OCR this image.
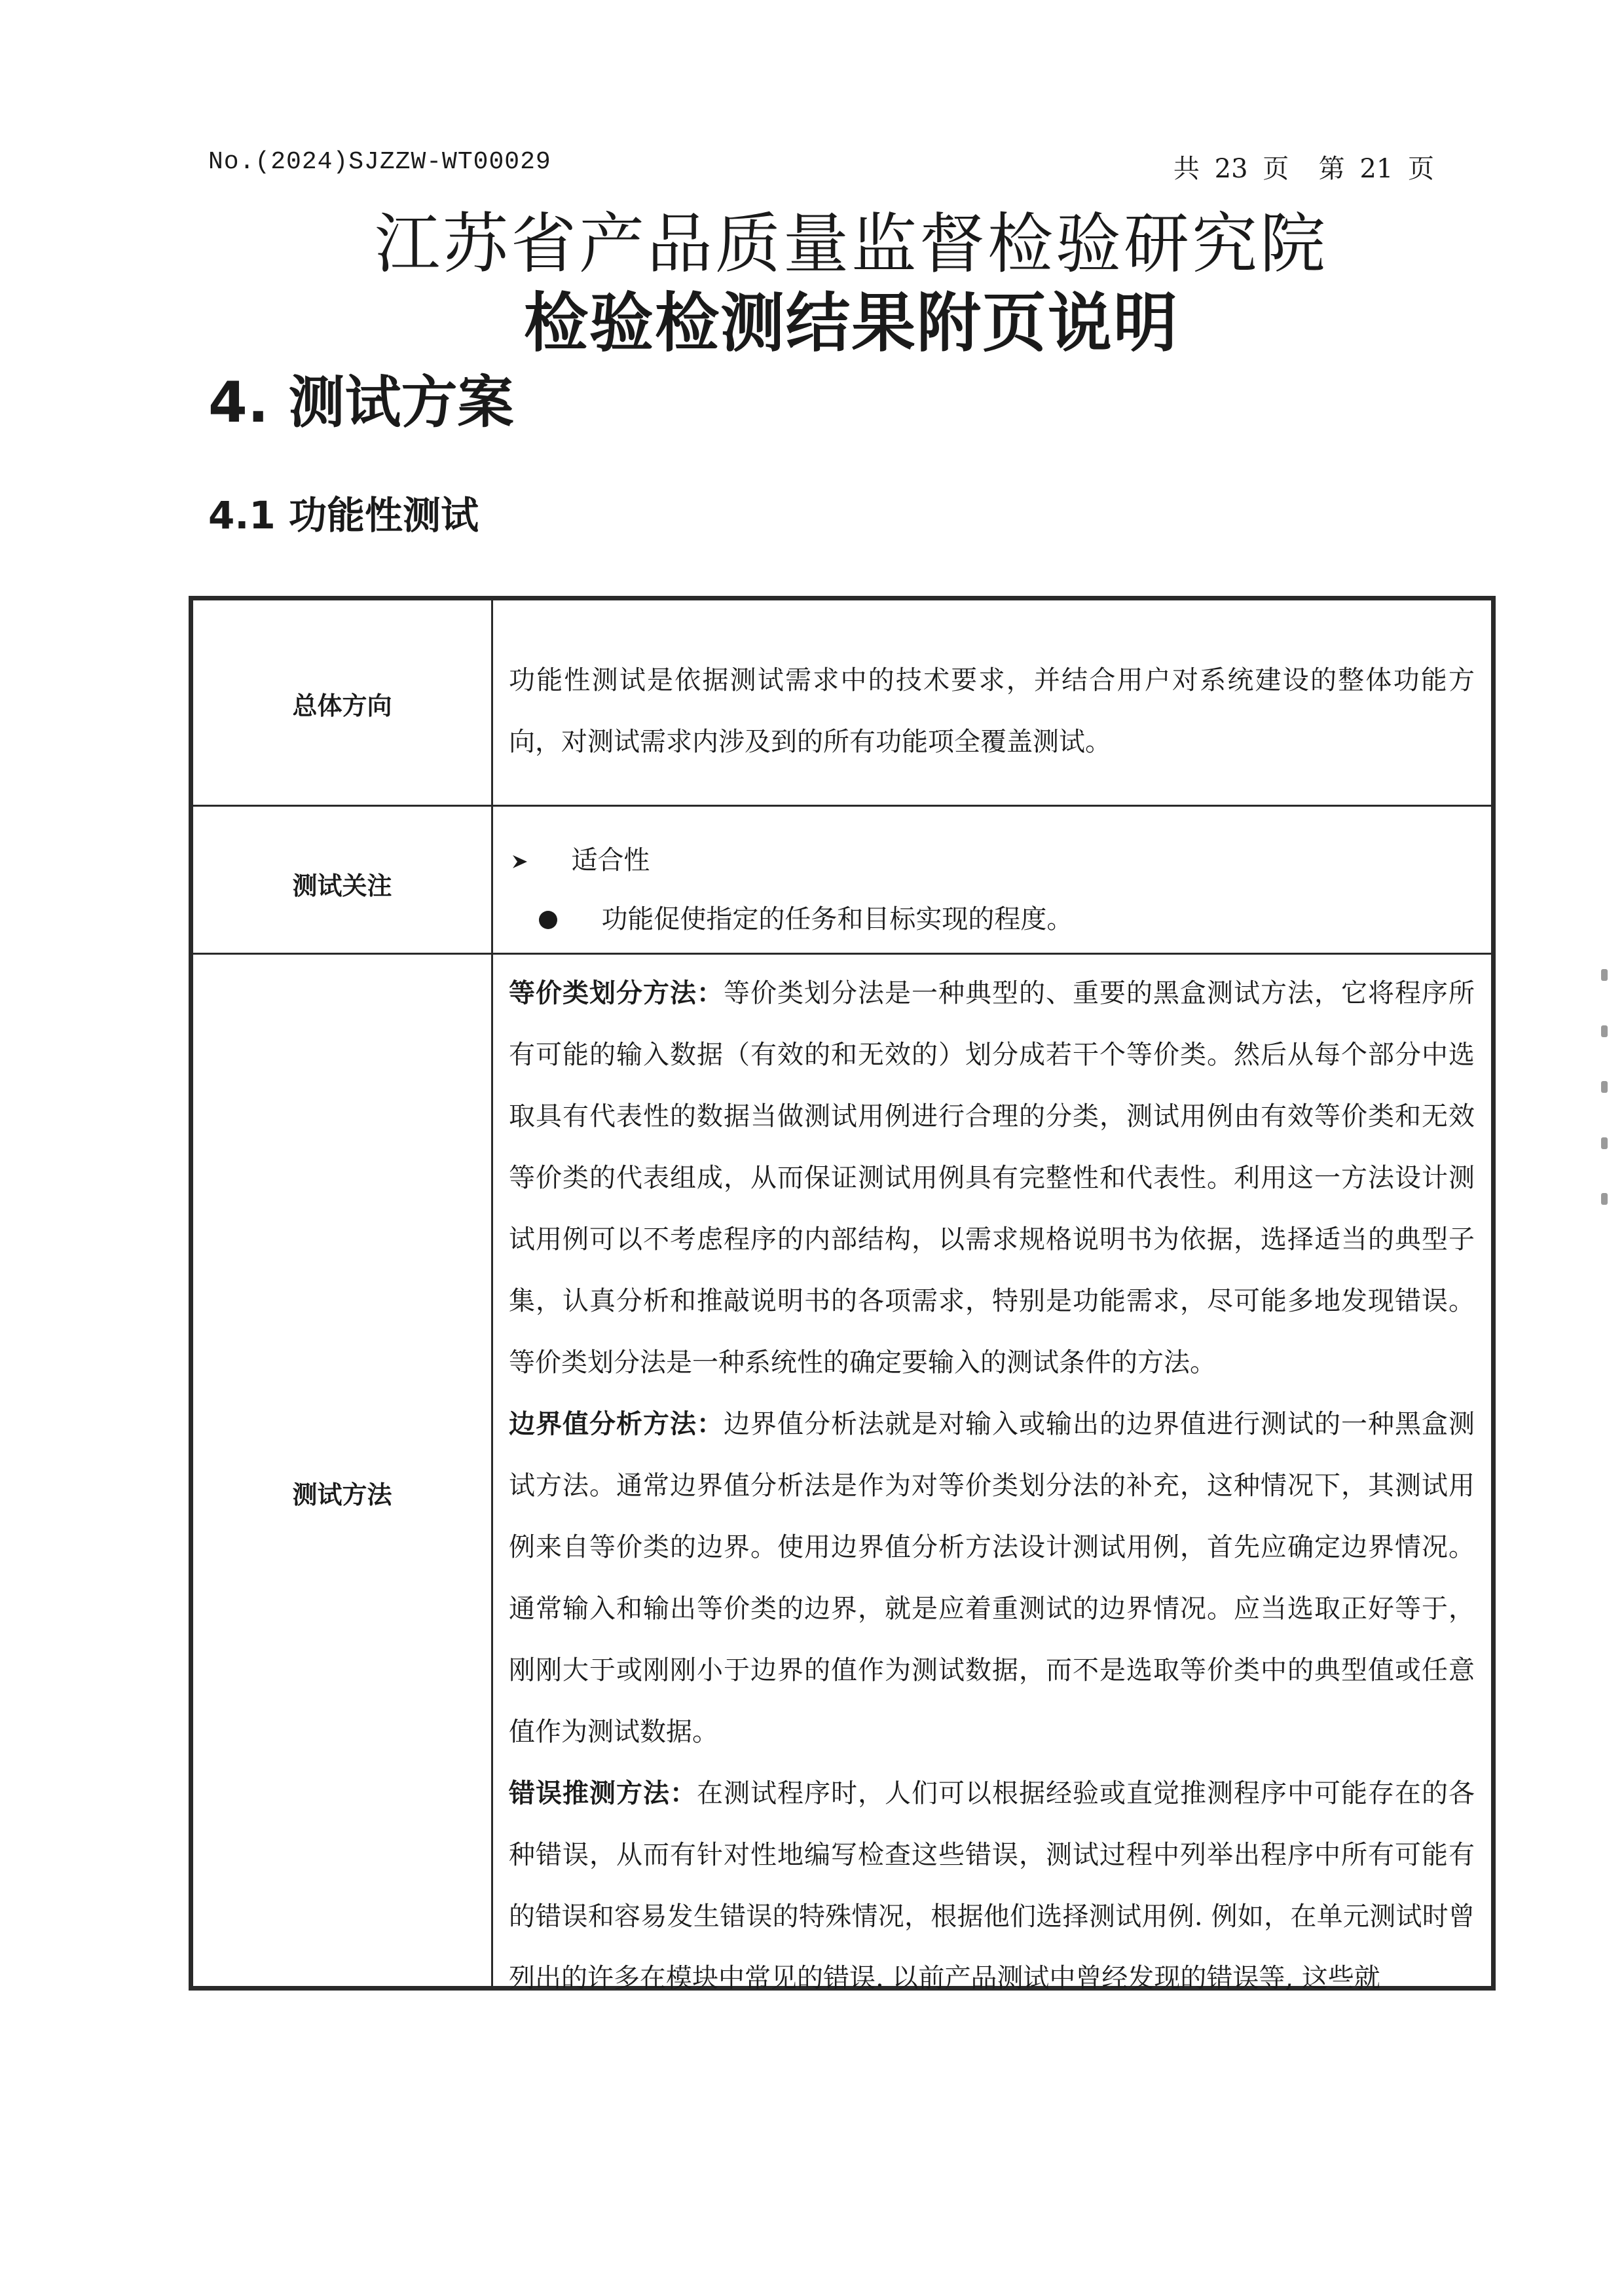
No.(2024)SJZZW-WT00029	共 23 页  第 21 页
江苏省产品质量监督检验研究院
检验检测结果附页说明
4. 测试方案
4.1 功能性测试
总体方向

功能性测试是依据测试需求中的技术要求，并结合用户对系统建设的整体功能方向，对测试需求内涉及到的所有功能项全覆盖测试。

测试关注
适合性
功能促使指定的任务和目标实现的程度。
测试方法

等价类划分方法：等价类划分法是一种典型的、重要的黑盒测试方法，它将程序所有可能的输入数据（有效的和无效的）划分成若干个等价类。然后从每个部分中选取具有代表性的数据当做测试用例进行合理的分类，测试用例由有效等价类和无效等价类的代表组成，从而保证测试用例具有完整性和代表性。利用这一方法设计测试用例可以不考虑程序的内部结构，以需求规格说明书为依据，选择适当的典型子集，认真分析和推敲说明书的各项需求，特别是功能需求，尽可能多地发现错误。等价类划分法是一种系统性的确定要输入的测试条件的方法。

边界值分析方法：边界值分析法就是对输入或输出的边界值进行测试的一种黑盒测试方法。通常边界值分析法是作为对等价类划分法的补充，这种情况下，其测试用例来自等价类的边界。使用边界值分析方法设计测试用例，首先应确定边界情况。通常输入和输出等价类的边界，就是应着重测试的边界情况。应当选取正好等于，刚刚大于或刚刚小于边界的值作为测试数据，而不是选取等价类中的典型值或任意值作为测试数据。

错误推测方法：在测试程序时，人们可以根据经验或直觉推测程序中可能存在的各种错误，从而有针对性地编写检查这些错误，测试过程中列举出程序中所有可能有的错误和容易发生错误的特殊情况，根据他们选择测试用例. 例如，在单元测试时曾列出的许多在模块中常见的错误. 以前产品测试中曾经发现的错误等, 这些就
